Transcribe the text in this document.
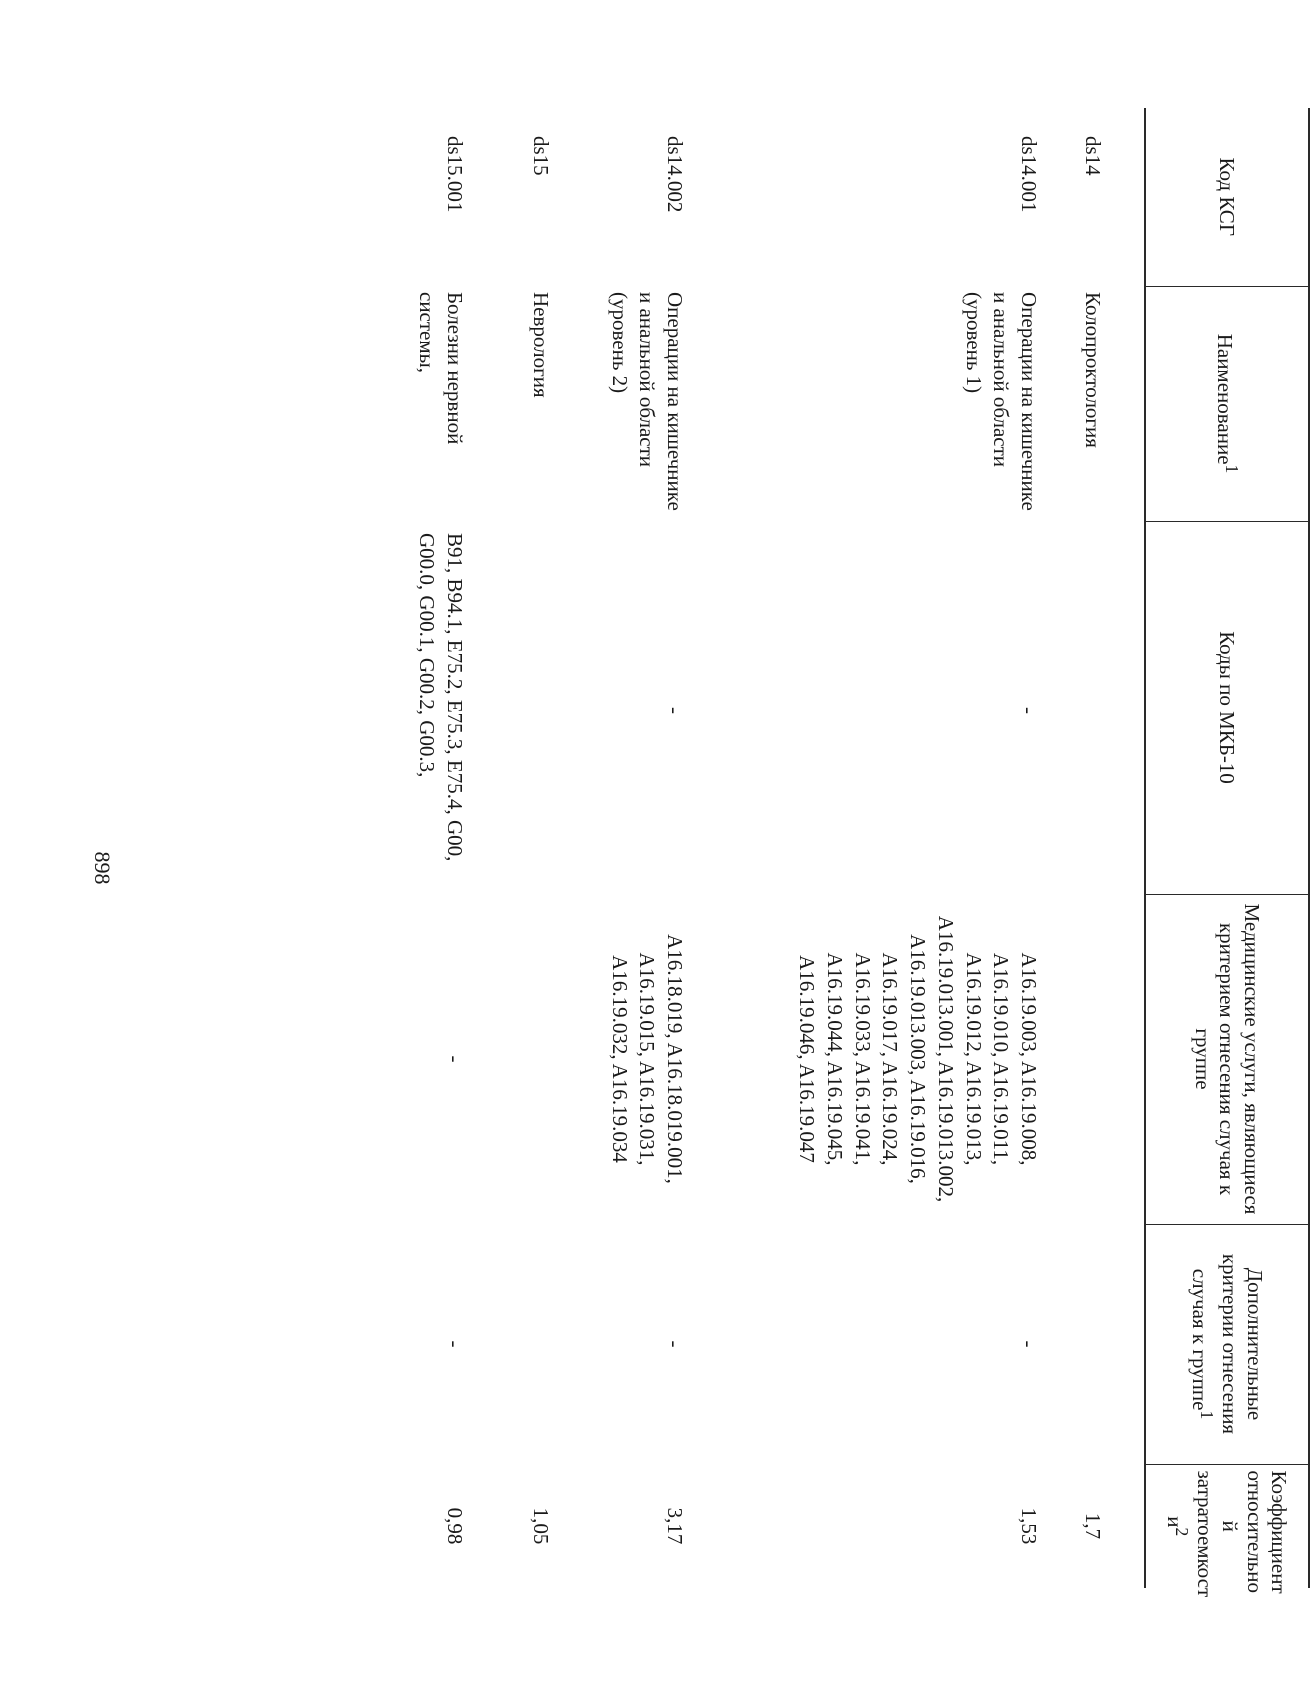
898
Код КСГ	Наименование$^1$	Коды по МКБ-10	Медицинские услуги, являющиеся критерием отнесения случая к группе	Дополнительные критерии отнесения случая к группе$^1$	Коэффициент относительно й затратоемкост $и^2$

ds14	Колопроктология				1,7
ds14.001	Операции на кишечнике и анальной области (уровень 1)	-	A16.19.003, A16.19.008, A16.19.010, A16.19.011, A16.19.012, A16.19.013, A16.19.013.001, A16.19.013.002, A16.19.013.003, A16.19.016, A16.19.017, A16.19.024, A16.19.033, A16.19.041, A16.19.044, A16.19.045, A16.19.046, A16.19.047	-	1,53
ds14.002	Операции на кишечнике и анальной области (уровень 2)	-	A16.18.019, A16.18.019.001, A16.19.015, A16.19.031, A16.19.032, A16.19.034	-	3,17
ds15	Неврология				1,05
ds15.001	Болезни нервной системы,	B91, B94.1, E75.2, E75.3, E75.4, G00, G00.0, G00.1, G00.2, G00.3,	-	-	0,98
